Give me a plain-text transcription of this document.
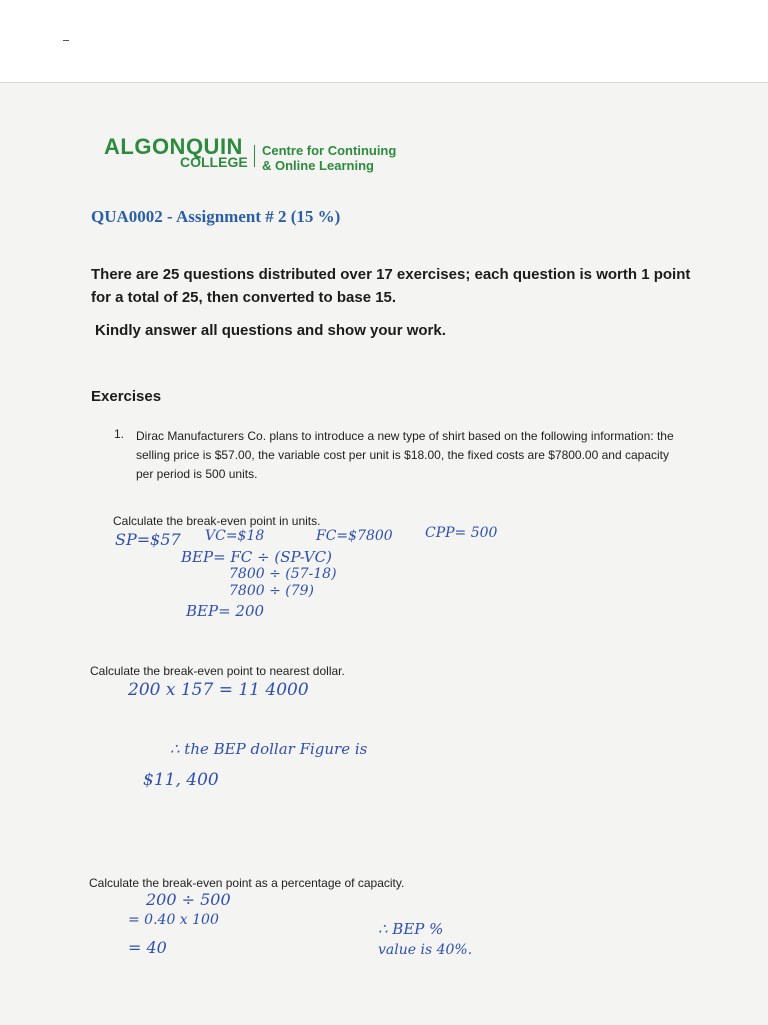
ALGONQUIN
COLLEGE
Centre for Continuing
& Online Learning
QUA0002 - Assignment # 2 (15 %)
There are 25 questions distributed over 17 exercises; each question is worth 1 point for a total of 25, then converted to base 15.
Kindly answer all questions and show your work.
Exercises
1. Dirac Manufacturers Co. plans to introduce a new type of shirt based on the following information: the selling price is $57.00, the variable cost per unit is $18.00, the fixed costs are $7800.00 and capacity per period is 500 units.
Calculate the break-even point in units.
SP=$57 VC=$18	FC=$7800 CPP= 500
BEP= FC ÷ (SP-VC)
7800 ÷ (57-18)
7800 ÷ (79)
BEP= 200
Calculate the break-even point to nearest dollar.
200 x 157 = 11 4000
∴ the BEP dollar Figure is
$11, 400
Calculate the break-even point as a percentage of capacity.
200 ÷ 500
= 0.40 x 100
= 40
∴ BEP %
value is 40%.
